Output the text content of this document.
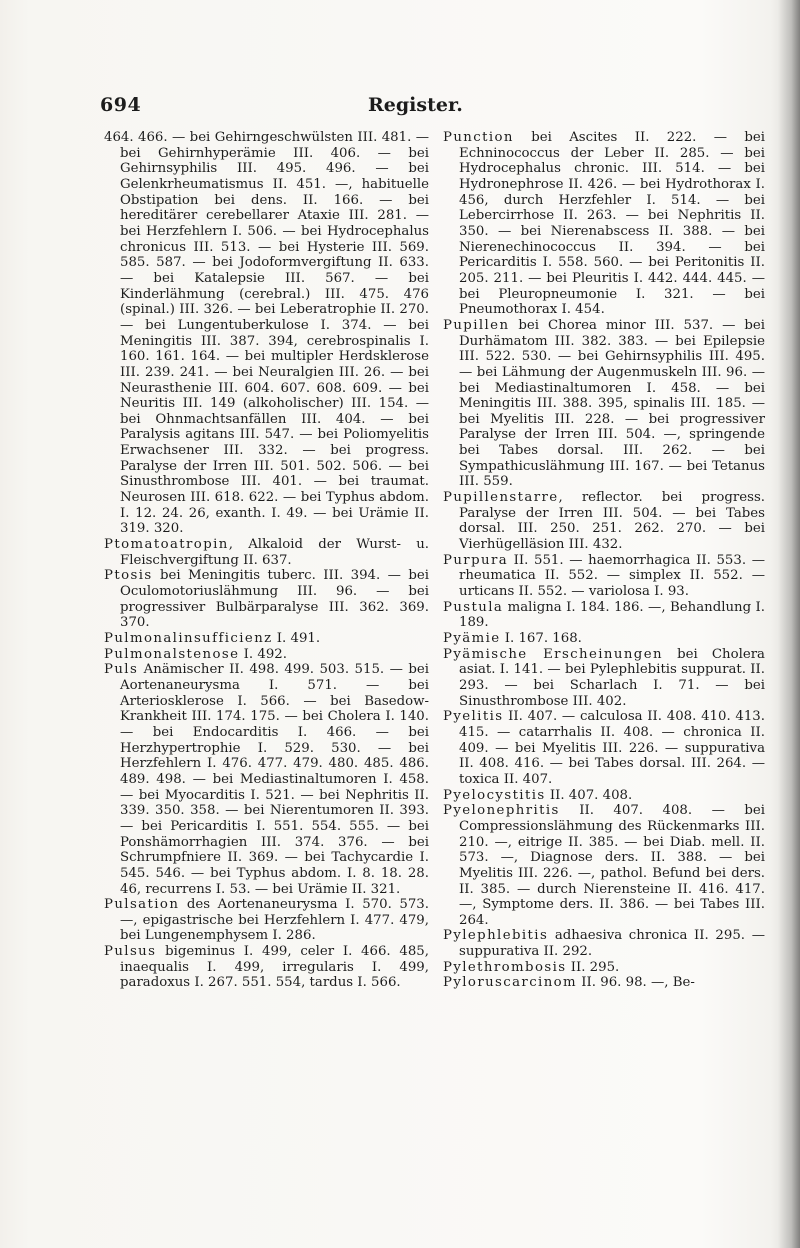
694	Register.

464. 466. — bei Gehirngeschwülsten III. 481. — bei Gehirnhyperämie III. 406. — bei Gehirnsyphilis III. 495. 496. — bei Gelenkrheumatismus II. 451. —, habituelle Obstipation bei dens. II. 166. — bei hereditärer cerebellarer Ataxie III. 281. — bei Herzfehlern I. 506. — bei Hydrocephalus chronicus III. 513. — bei Hysterie III. 569. 585. 587. — bei Jodoformvergiftung II. 633. — bei Katalepsie III. 567. — bei Kinderlähmung (cerebral.) III. 475. 476 (spinal.) III. 326. — bei Leberatrophie II. 270. — bei Lungentuberkulose I. 374. — bei Meningitis III. 387. 394, cerebrospinalis I. 160. 161. 164. — bei multipler Herdsklerose III. 239. 241. — bei Neuralgien III. 26. — bei Neurasthenie III. 604. 607. 608. 609. — bei Neuritis III. 149 (alkoholischer) III. 154. — bei Ohnmachtsanfällen III. 404. — bei Paralysis agitans III. 547. — bei Poliomyelitis Erwachsener III. 332. — bei progress. Paralyse der Irren III. 501. 502. 506. — bei Sinusthrombose III. 401. — bei traumat. Neurosen III. 618. 622. — bei Typhus abdom. I. 12. 24. 26, exanth. I. 49. — bei Urämie II. 319. 320.

Ptomatoatropin, Alkaloid der Wurst- u. Fleischvergiftung II. 637.

Ptosis bei Meningitis tuberc. III. 394. — bei Oculomotoriuslähmung III. 96. — bei progressiver Bulbärparalyse III. 362. 369. 370.

Pulmonalinsufficienz I. 491.

Pulmonalstenose I. 492.

Puls Anämischer II. 498. 499. 503. 515. — bei Aortenaneurysma I. 571. — bei Arteriosklerose I. 566. — bei Basedow-Krankheit III. 174. 175. — bei Cholera I. 140. — bei Endocarditis I. 466. — bei Herzhypertrophie I. 529. 530. — bei Herzfehlern I. 476. 477. 479. 480. 485. 486. 489. 498. — bei Mediastinaltumoren I. 458. — bei Myocarditis I. 521. — bei Nephritis II. 339. 350. 358. — bei Nierentumoren II. 393. — bei Pericarditis I. 551. 554. 555. — bei Ponshämorrhagien III. 374. 376. — bei Schrumpfniere II. 369. — bei Tachycardie I. 545. 546. — bei Typhus abdom. I. 8. 18. 28. 46, recurrens I. 53. — bei Urämie II. 321.

Pulsation des Aortenaneurysma I. 570. 573. —, epigastrische bei Herzfehlern I. 477. 479, bei Lungenemphysem I. 286.

Pulsus bigeminus I. 499, celer I. 466. 485, inaequalis I. 499, irregularis I. 499, paradoxus I. 267. 551. 554, tardus I. 566.

Punction bei Ascites II. 222. — bei Echninococcus der Leber II. 285. — bei Hydrocephalus chronic. III. 514. — bei Hydronephrose II. 426. — bei Hydrothorax I. 456, durch Herzfehler I. 514. — bei Lebercirrhose II. 263. — bei Nephritis II. 350. — bei Nierenabscess II. 388. — bei Nierenechinococcus II. 394. — bei Pericarditis I. 558. 560. — bei Peritonitis II. 205. 211. — bei Pleuritis I. 442. 444. 445. — bei Pleuropneumonie I. 321. — bei Pneumothorax I. 454.

Pupillen bei Chorea minor III. 537. — bei Durhämatom III. 382. 383. — bei Epilepsie III. 522. 530. — bei Gehirnsyphilis III. 495. — bei Lähmung der Augenmuskeln III. 96. — bei Mediastinaltumoren I. 458. — bei Meningitis III. 388. 395, spinalis III. 185. — bei Myelitis III. 228. — bei progressiver Paralyse der Irren III. 504. —, springende bei Tabes dorsal. III. 262. — bei Sympathicuslähmung III. 167. — bei Tetanus III. 559.

Pupillenstarre, reflector. bei progress. Paralyse der Irren III. 504. — bei Tabes dorsal. III. 250. 251. 262. 270. — bei Vierhügelläsion III. 432.

Purpura II. 551. — haemorrhagica II. 553. — rheumatica II. 552. — simplex II. 552. — urticans II. 552. — variolosa I. 93.

Pustula maligna I. 184. 186. —, Behandlung I. 189.

Pyämie I. 167. 168.

Pyämische Erscheinungen bei Cholera asiat. I. 141. — bei Pylephlebitis suppurat. II. 293. — bei Scharlach I. 71. — bei Sinusthrombose III. 402.

Pyelitis II. 407. — calculosa II. 408. 410. 413. 415. — catarrhalis II. 408. — chronica II. 409. — bei Myelitis III. 226. — suppurativa II. 408. 416. — bei Tabes dorsal. III. 264. — toxica II. 407.

Pyelocystitis II. 407. 408.

Pyelonephritis II. 407. 408. — bei Compressionslähmung des Rückenmarks III. 210. —, eitrige II. 385. — bei Diab. mell. II. 573. —, Diagnose ders. II. 388. — bei Myelitis III. 226. —, pathol. Befund bei ders. II. 385. — durch Nierensteine II. 416. 417. —, Symptome ders. II. 386. — bei Tabes III. 264.

Pylephlebitis adhaesiva chronica II. 295. — suppurativa II. 292.

Pylethrombosis II. 295.

Pyloruscarcinom II. 96. 98. —, Be-
